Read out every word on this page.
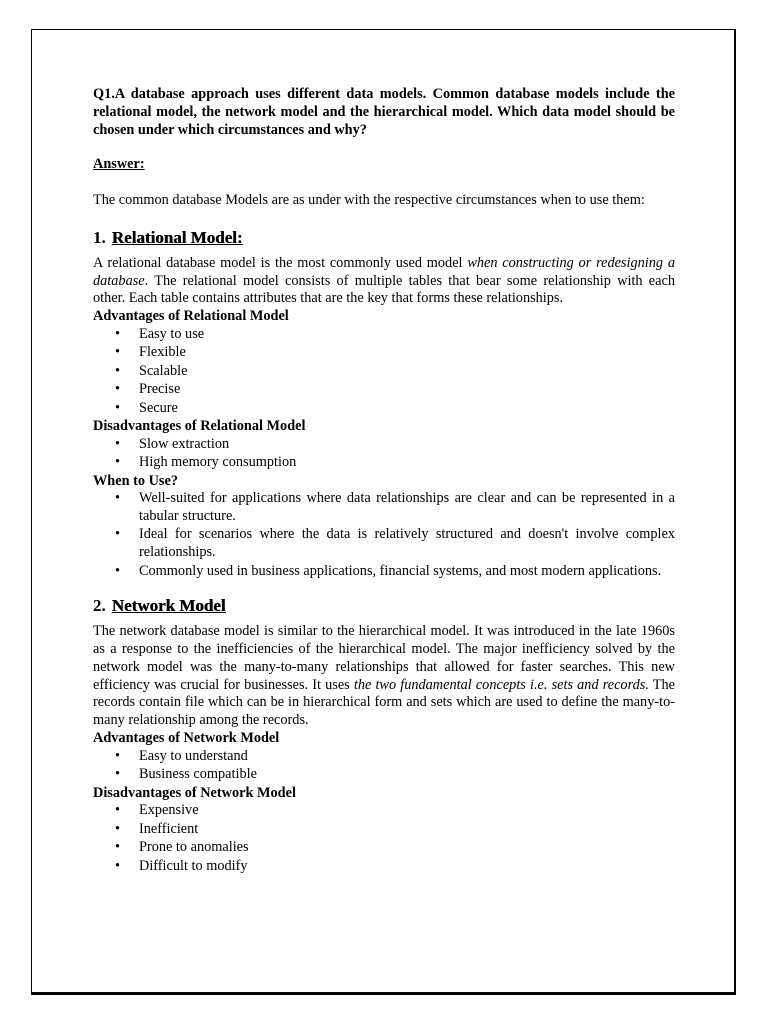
Q1.A database approach uses different data models. Common database models include the relational model, the network model and the hierarchical model. Which data model should be chosen under which circumstances and why?

Answer:

The common database Models are as under with the respective circumstances when to use them:

1. Relational Model:

A relational database model is the most commonly used model when constructing or redesigning a database. The relational model consists of multiple tables that bear some relationship with each other. Each table contains attributes that are the key that forms these relationships.

Advantages of Relational Model

• Easy to use
• Flexible
• Scalable
• Precise
• Secure

Disadvantages of Relational Model

• Slow extraction
• High memory consumption

When to Use?

• Well-suited for applications where data relationships are clear and can be represented in a tabular structure.
• Ideal for scenarios where the data is relatively structured and doesn't involve complex relationships.
• Commonly used in business applications, financial systems, and most modern applications.
2. Network Model

The network database model is similar to the hierarchical model. It was introduced in the late 1960s as a response to the inefficiencies of the hierarchical model. The major inefficiency solved by the network model was the many-to-many relationships that allowed for faster searches. This new efficiency was crucial for businesses. It uses the two fundamental concepts i.e. sets and records. The records contain file which can be in hierarchical form and sets which are used to define the many-to-many relationship among the records.

Advantages of Network Model

• Easy to understand
• Business compatible

Disadvantages of Network Model

• Expensive
• Inefficient
• Prone to anomalies
• Difficult to modify
